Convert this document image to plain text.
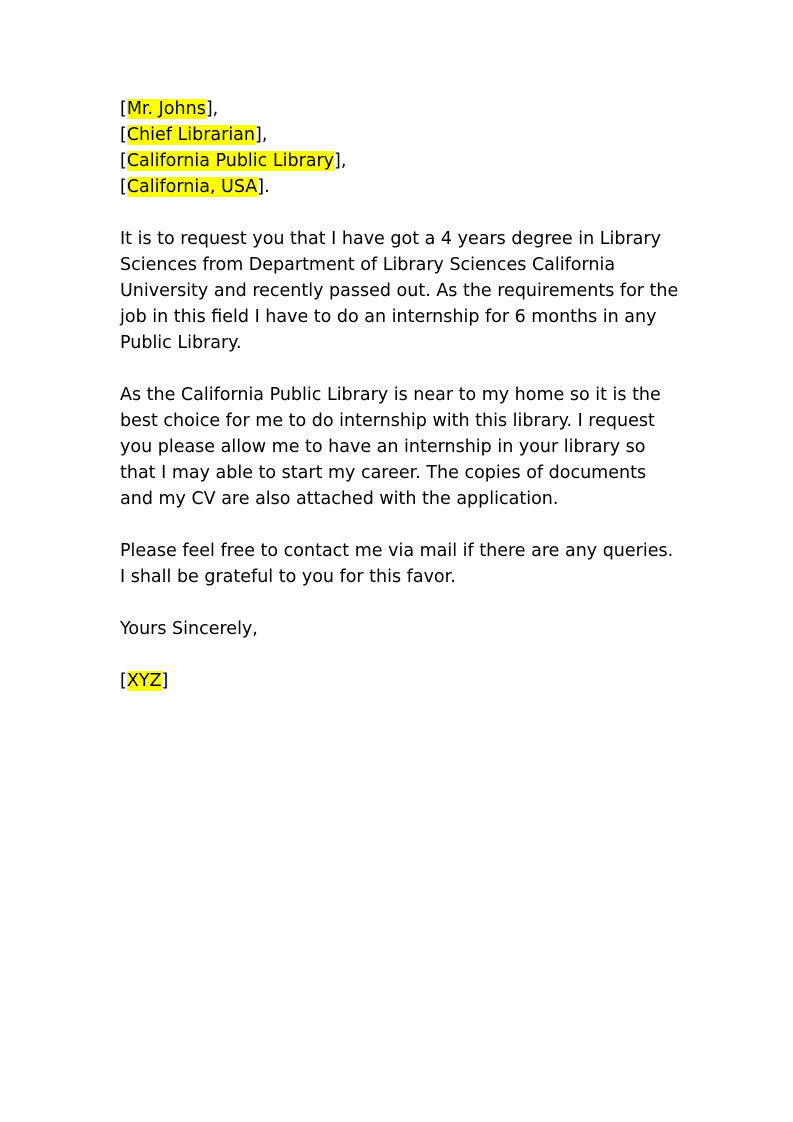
[Mr. Johns],

[Chief Librarian],

[California Public Library],

[California, USA].

It is to request you that I have got a 4 years degree in Library Sciences from Department of Library Sciences California University and recently passed out. As the requirements for the job in this field I have to do an internship for 6 months in any Public Library.

As the California Public Library is near to my home so it is the best choice for me to do internship with this library. I request you please allow me to have an internship in your library so that I may able to start my career. The copies of documents and my CV are also attached with the application.

Please feel free to contact me via mail if there are any queries. I shall be grateful to you for this favor.

Yours Sincerely,

[XYZ]
